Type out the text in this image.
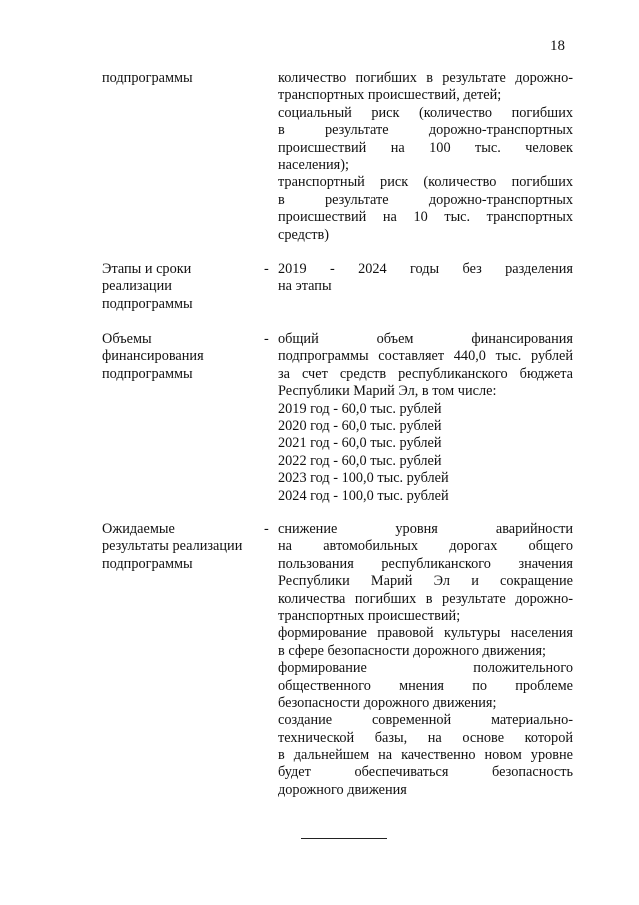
18
подпрограммы	количество погибших в результате дорожно-
транспортных происшествий, детей;
социальный риск (количество погибших
в результате дорожно-транспортных
происшествий на 100 тыс. человек
населения);
транспортный риск (количество погибших
в результате дорожно-транспортных
происшествий на 10 тыс. транспортных
средств)
Этапы и сроки
реализации
подпрограммы
- 2019 - 2024 годы без разделения
на этапы
Объемы
финансирования
подпрограммы
- общий объем финансирования
подпрограммы составляет 440,0 тыс. рублей
за счет средств республиканского бюджета
Республики Марий Эл, в том числе:
2019 год - 60,0 тыс. рублей
2020 год - 60,0 тыс. рублей
2021 год - 60,0 тыс. рублей
2022 год - 60,0 тыс. рублей
2023 год - 100,0 тыс. рублей
2024 год - 100,0 тыс. рублей
Ожидаемые
результаты реализации
подпрограммы
- снижение уровня аварийности
на автомобильных дорогах общего
пользования республиканского значения
Республики Марий Эл и сокращение
количества погибших в результате дорожно-
транспортных происшествий;
формирование правовой культуры населения
в сфере безопасности дорожного движения;
формирование положительного
общественного мнения по проблеме
безопасности дорожного движения;
создание современной материально-
технической базы, на основе которой
в дальнейшем на качественно новом уровне
будет обеспечиваться безопасность
дорожного движения
